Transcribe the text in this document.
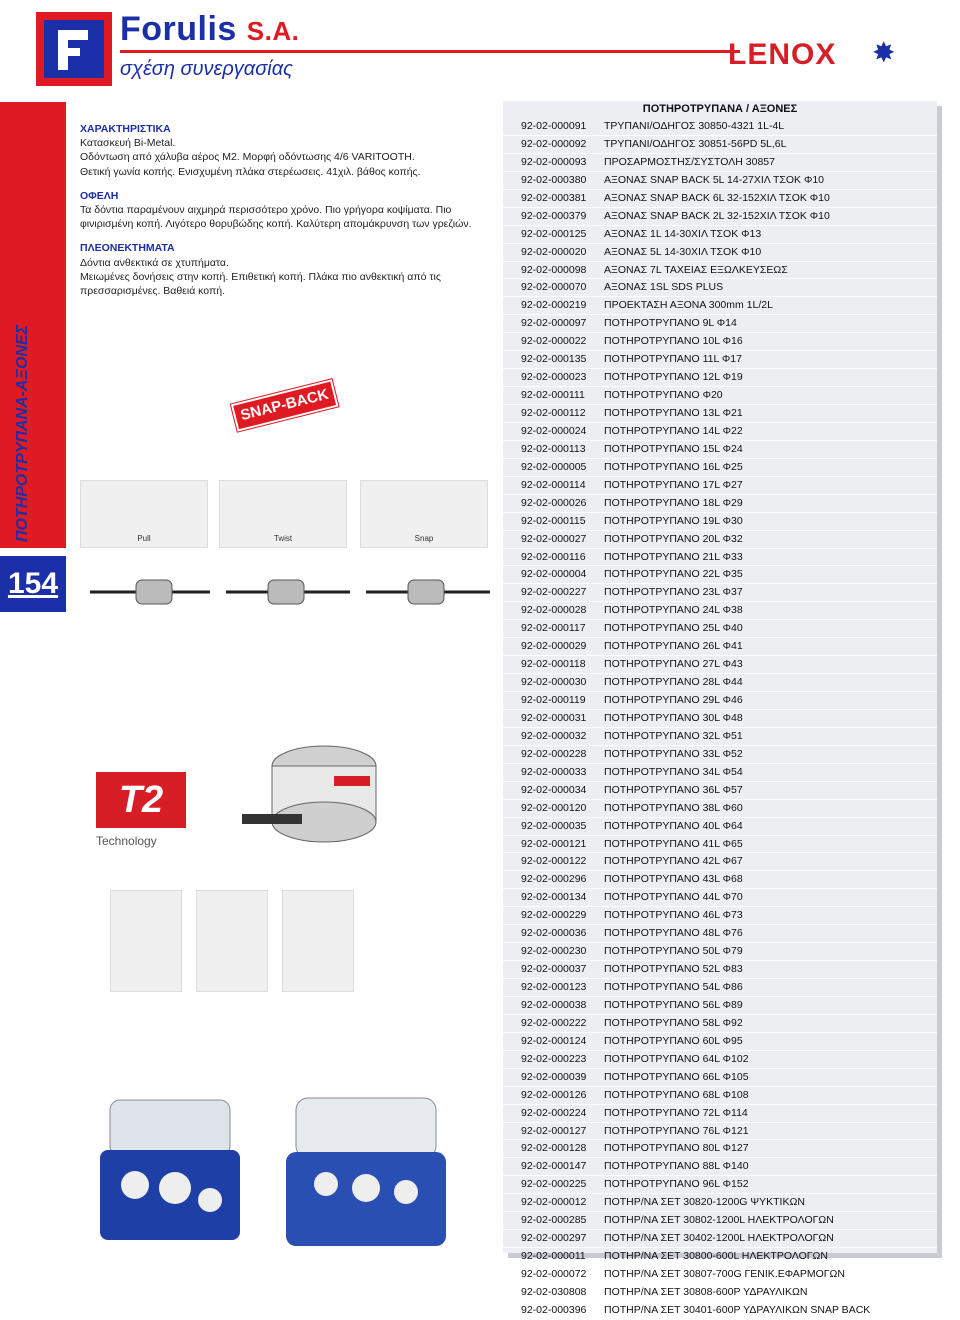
Forulis S.A.
σχέση συνεργασίας	LENOX ✸
ΠΟΤΗΡΟΤΡΥΠΑΝΑ-ΑΞΟΝΕΣ
154
ΧΑΡΑΚΤΗΡΙΣΤΙΚΑ
Κατασκευή Bi-Metal.
Οδόντωση από χάλυβα αέρος Μ2. Μορφή οδόντωσης 4/6 VARITOOTH.
Θετική γωνία κοπής. Ενισχυμένη πλάκα στερέωσεις. 41χιλ. βάθος κοπής.
ΟΦΕΛΗ
Τα δόντια παραμένουν αιχμηρά περισσότερο χρόνο. Πιο γρήγορα κοψίματα. Πιο
φινιρισμένη κοπή. Λιγότερο θορυβώδης κοπή. Καλύτερη απομάκρυνση των γρεζιών.
ΠΛΕΟΝΕΚΤΗΜΑΤΑ
Δόντια ανθεκτικά σε χτυπήματα.
Μειωμένες δονήσεις στην κοπή. Επιθετική κοπή. Πλάκα πιο ανθεκτική από τις
πρεσσαρισμένες. Βαθειά κοπή.
SNAP-BACK
Pull	Twist	Snap
T2
Technology
ΠΟΤΗΡΟΤΡΥΠΑΝΑ / ΑΞΟΝΕΣ
92-02-000091 ΤΡΥΠΑΝΙ/ΟΔΗΓΟΣ 30850-4321 1L-4L
92-02-000092 ΤΡΥΠΑΝΙ/ΟΔΗΓΟΣ 30851-56PD 5L,6L
92-02-000093 ΠΡΟΣΑΡΜΟΣΤΗΣ/ΣΥΣΤΟΛΗ 30857
92-02-000380 ΑΞΟΝΑΣ SNAP BACK 5L 14-27ΧΙΛ ΤΣΟΚ Φ10
92-02-000381 ΑΞΟΝΑΣ SNAP BACK 6L 32-152ΧΙΛ ΤΣΟΚ Φ10
92-02-000379 ΑΞΟΝΑΣ SNAP BACK 2L 32-152ΧΙΛ ΤΣΟΚ Φ10
92-02-000125 ΑΞΟΝΑΣ 1L 14-30ΧΙΛ ΤΣΟΚ Φ13
92-02-000020 ΑΞΟΝΑΣ 5L 14-30ΧΙΛ ΤΣΟΚ Φ10
92-02-000098 ΑΞΟΝΑΣ 7L ΤΑΧΕΙΑΣ ΕΞΩΛΚΕΥΣΕΩΣ
92-02-000070 ΑΞΟΝΑΣ 1SL SDS PLUS
92-02-000219 ΠΡΟΕΚΤΑΣΗ ΑΞΟΝΑ 300mm 1L/2L
92-02-000097 ΠΟΤΗΡΟΤΡΥΠΑΝΟ 9L Φ14
92-02-000022 ΠΟΤΗΡΟΤΡΥΠΑΝΟ 10L Φ16
92-02-000135 ΠΟΤΗΡΟΤΡΥΠΑΝΟ 11L Φ17
92-02-000023 ΠΟΤΗΡΟΤΡΥΠΑΝΟ 12L Φ19
92-02-000111 ΠΟΤΗΡΟΤΡΥΠΑΝΟ Φ20
92-02-000112 ΠΟΤΗΡΟΤΡΥΠΑΝΟ 13L Φ21
92-02-000024 ΠΟΤΗΡΟΤΡΥΠΑΝΟ 14L Φ22
92-02-000113 ΠΟΤΗΡΟΤΡΥΠΑΝΟ 15L Φ24
92-02-000005 ΠΟΤΗΡΟΤΡΥΠΑΝΟ 16L Φ25
92-02-000114 ΠΟΤΗΡΟΤΡΥΠΑΝΟ 17L Φ27
92-02-000026 ΠΟΤΗΡΟΤΡΥΠΑΝΟ 18L Φ29
92-02-000115 ΠΟΤΗΡΟΤΡΥΠΑΝΟ 19L Φ30
92-02-000027 ΠΟΤΗΡΟΤΡΥΠΑΝΟ 20L Φ32
92-02-000116 ΠΟΤΗΡΟΤΡΥΠΑΝΟ 21L Φ33
92-02-000004 ΠΟΤΗΡΟΤΡΥΠΑΝΟ 22L Φ35
92-02-000227 ΠΟΤΗΡΟΤΡΥΠΑΝΟ 23L Φ37
92-02-000028 ΠΟΤΗΡΟΤΡΥΠΑΝΟ 24L Φ38
92-02-000117 ΠΟΤΗΡΟΤΡΥΠΑΝΟ 25L Φ40
92-02-000029 ΠΟΤΗΡΟΤΡΥΠΑΝΟ 26L Φ41
92-02-000118 ΠΟΤΗΡΟΤΡΥΠΑΝΟ 27L Φ43
92-02-000030 ΠΟΤΗΡΟΤΡΥΠΑΝΟ 28L Φ44
92-02-000119 ΠΟΤΗΡΟΤΡΥΠΑΝΟ 29L Φ46
92-02-000031 ΠΟΤΗΡΟΤΡΥΠΑΝΟ 30L Φ48
92-02-000032 ΠΟΤΗΡΟΤΡΥΠΑΝΟ 32L Φ51
92-02-000228 ΠΟΤΗΡΟΤΡΥΠΑΝΟ 33L Φ52
92-02-000033 ΠΟΤΗΡΟΤΡΥΠΑΝΟ 34L Φ54
92-02-000034 ΠΟΤΗΡΟΤΡΥΠΑΝΟ 36L Φ57
92-02-000120 ΠΟΤΗΡΟΤΡΥΠΑΝΟ 38L Φ60
92-02-000035 ΠΟΤΗΡΟΤΡΥΠΑΝΟ 40L Φ64
92-02-000121 ΠΟΤΗΡΟΤΡΥΠΑΝΟ 41L Φ65
92-02-000122 ΠΟΤΗΡΟΤΡΥΠΑΝΟ 42L Φ67
92-02-000296 ΠΟΤΗΡΟΤΡΥΠΑΝΟ 43L Φ68
92-02-000134 ΠΟΤΗΡΟΤΡΥΠΑΝΟ 44L Φ70
92-02-000229 ΠΟΤΗΡΟΤΡΥΠΑΝΟ 46L Φ73
92-02-000036 ΠΟΤΗΡΟΤΡΥΠΑΝΟ 48L Φ76
92-02-000230 ΠΟΤΗΡΟΤΡΥΠΑΝΟ 50L Φ79
92-02-000037 ΠΟΤΗΡΟΤΡΥΠΑΝΟ 52L Φ83
92-02-000123 ΠΟΤΗΡΟΤΡΥΠΑΝΟ 54L Φ86
92-02-000038 ΠΟΤΗΡΟΤΡΥΠΑΝΟ 56L Φ89
92-02-000222 ΠΟΤΗΡΟΤΡΥΠΑΝΟ 58L Φ92
92-02-000124 ΠΟΤΗΡΟΤΡΥΠΑΝΟ 60L Φ95
92-02-000223 ΠΟΤΗΡΟΤΡΥΠΑΝΟ 64L Φ102
92-02-000039 ΠΟΤΗΡΟΤΡΥΠΑΝΟ 66L Φ105
92-02-000126 ΠΟΤΗΡΟΤΡΥΠΑΝΟ 68L Φ108
92-02-000224 ΠΟΤΗΡΟΤΡΥΠΑΝΟ 72L Φ114
92-02-000127 ΠΟΤΗΡΟΤΡΥΠΑΝΟ 76L Φ121
92-02-000128 ΠΟΤΗΡΟΤΡΥΠΑΝΟ 80L Φ127
92-02-000147 ΠΟΤΗΡΟΤΡΥΠΑΝΟ 88L Φ140
92-02-000225 ΠΟΤΗΡΟΤΡΥΠΑΝΟ 96L Φ152
92-02-000012 ΠΟΤΗΡ/ΝΑ ΣΕΤ 30820-1200G ΨΥΚΤΙΚΩΝ
92-02-000285 ΠΟΤΗΡ/ΝΑ ΣΕΤ 30802-1200L ΗΛΕΚΤΡΟΛΟΓΩΝ
92-02-000297 ΠΟΤΗΡ/ΝΑ ΣΕΤ 30402-1200L ΗΛΕΚΤΡΟΛΟΓΩΝ
92-02-000011 ΠΟΤΗΡ/ΝΑ ΣΕΤ 30800-600L ΗΛΕΚΤΡΟΛΟΓΩΝ
92-02-000072 ΠΟΤΗΡ/ΝΑ ΣΕΤ 30807-700G ΓΕΝΙΚ.ΕΦΑΡΜΟΓΩΝ
92-02-030808 ΠΟΤΗΡ/ΝΑ ΣΕΤ 30808-600P ΥΔΡΑΥΛΙΚΩΝ
92-02-000396 ΠΟΤΗΡ/ΝΑ ΣΕΤ 30401-600P ΥΔΡΑΥΛΙΚΩΝ SNAP BACK
